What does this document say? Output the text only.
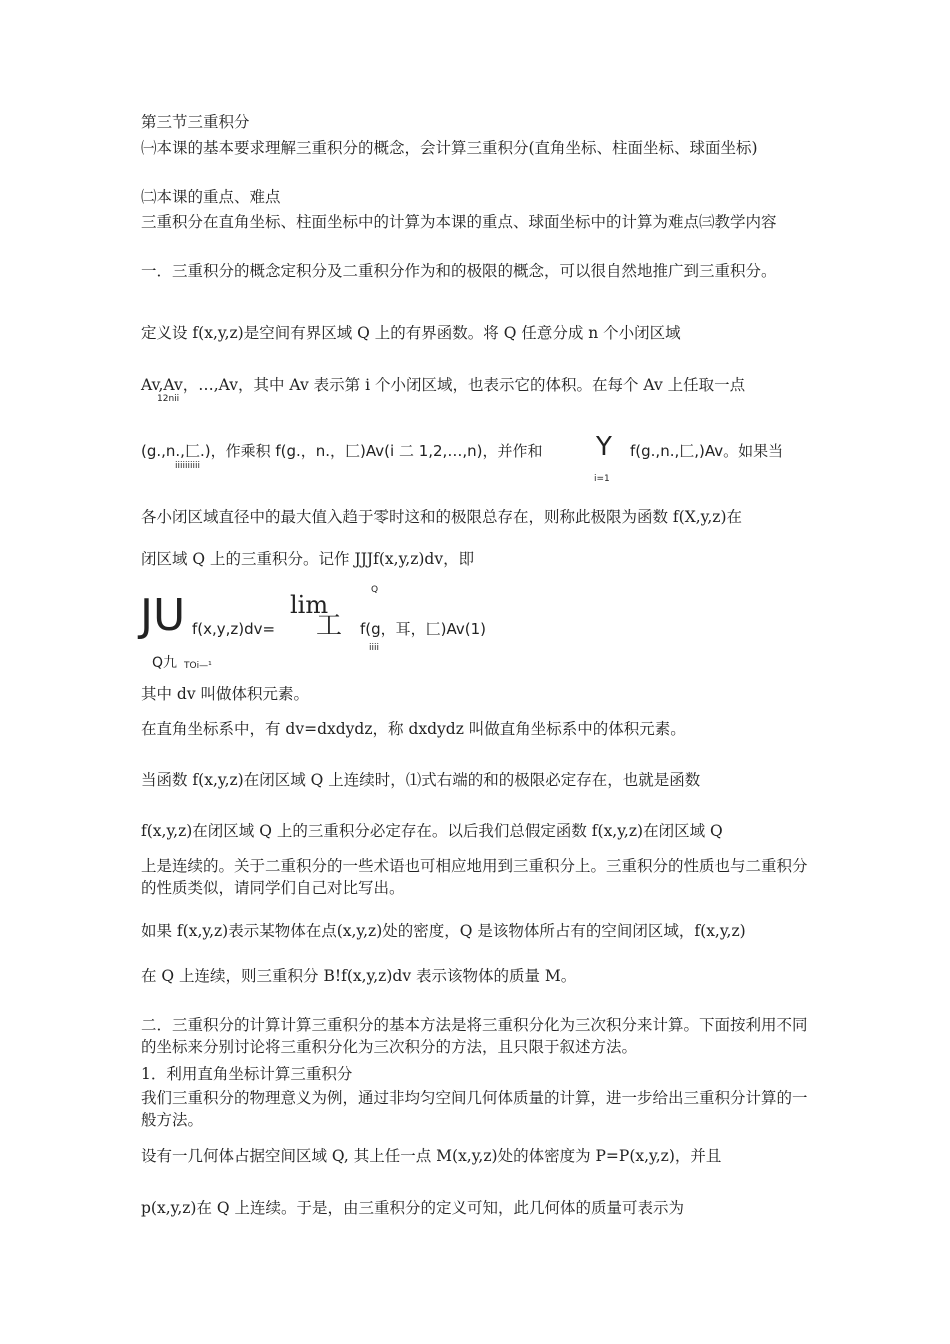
第三节三重积分
㈠本课的基本要求理解三重积分的概念，会计算三重积分(直角坐标、柱面坐标、球面坐标)
㈡本课的重点、难点
三重积分在直角坐标、柱面坐标中的计算为本课的重点、球面坐标中的计算为难点㈢教学内容
一．三重积分的概念定积分及二重积分作为和的极限的概念，可以很自然地推广到三重积分。
定义设 f(x,y,z)是空间有界区域 Q 上的有界函数。将 Q 任意分成 n 个小闭区域
Av,Av，…,Av，其中 Av 表示第 i 个小闭区域，也表示它的体积。在每个 Av 上任取一点
12nii
(g.,n.,匚.)，作乘积 f(g.，n.，匚)Av(i 二 1,2,…,n)，并作和 Y f(g.,n.,匚,)Av。如果当
iiiiiiiiii
i=1
各小闭区域直径中的最大值入趋于零时这和的极限总存在，则称此极限为函数 f(X,y,z)在
闭区域 Q 上的三重积分。记作 JJJf(x,y,z)dv，即
Q
JU f(x,y,z)dv=
lim
工 f(g，耳，匚)Av(1)
iiii
Q九 TOi—¹
其中 dv 叫做体积元素。
在直角坐标系中，有 dv=dxdydz，称 dxdydz 叫做直角坐标系中的体积元素。
当函数 f(x,y,z)在闭区域 Q 上连续时，⑴式右端的和的极限必定存在，也就是函数
f(x,y,z)在闭区域 Q 上的三重积分必定存在。以后我们总假定函数 f(x,y,z)在闭区域 Q
上是连续的。关于二重积分的一些术语也可相应地用到三重积分上。三重积分的性质也与二重积分的性质类似，请同学们自己对比写出。
如果 f(x,y,z)表示某物体在点(x,y,z)处的密度，Q 是该物体所占有的空间闭区域，f(x,y,z)
在 Q 上连续，则三重积分 B!f(x,y,z)dv 表示该物体的质量 M。
二．三重积分的计算计算三重积分的基本方法是将三重积分化为三次积分来计算。下面按利用不同的坐标来分别讨论将三重积分化为三次积分的方法，且只限于叙述方法。
1．利用直角坐标计算三重积分
我们三重积分的物理意义为例，通过非均匀空间几何体质量的计算，进一步给出三重积分计算的一般方法。
设有一几何体占据空间区域 Q, 其上任一点 M(x,y,z)处的体密度为 P=P(x,y,z)，并且
p(x,y,z)在 Q 上连续。于是，由三重积分的定义可知，此几何体的质量可表示为
